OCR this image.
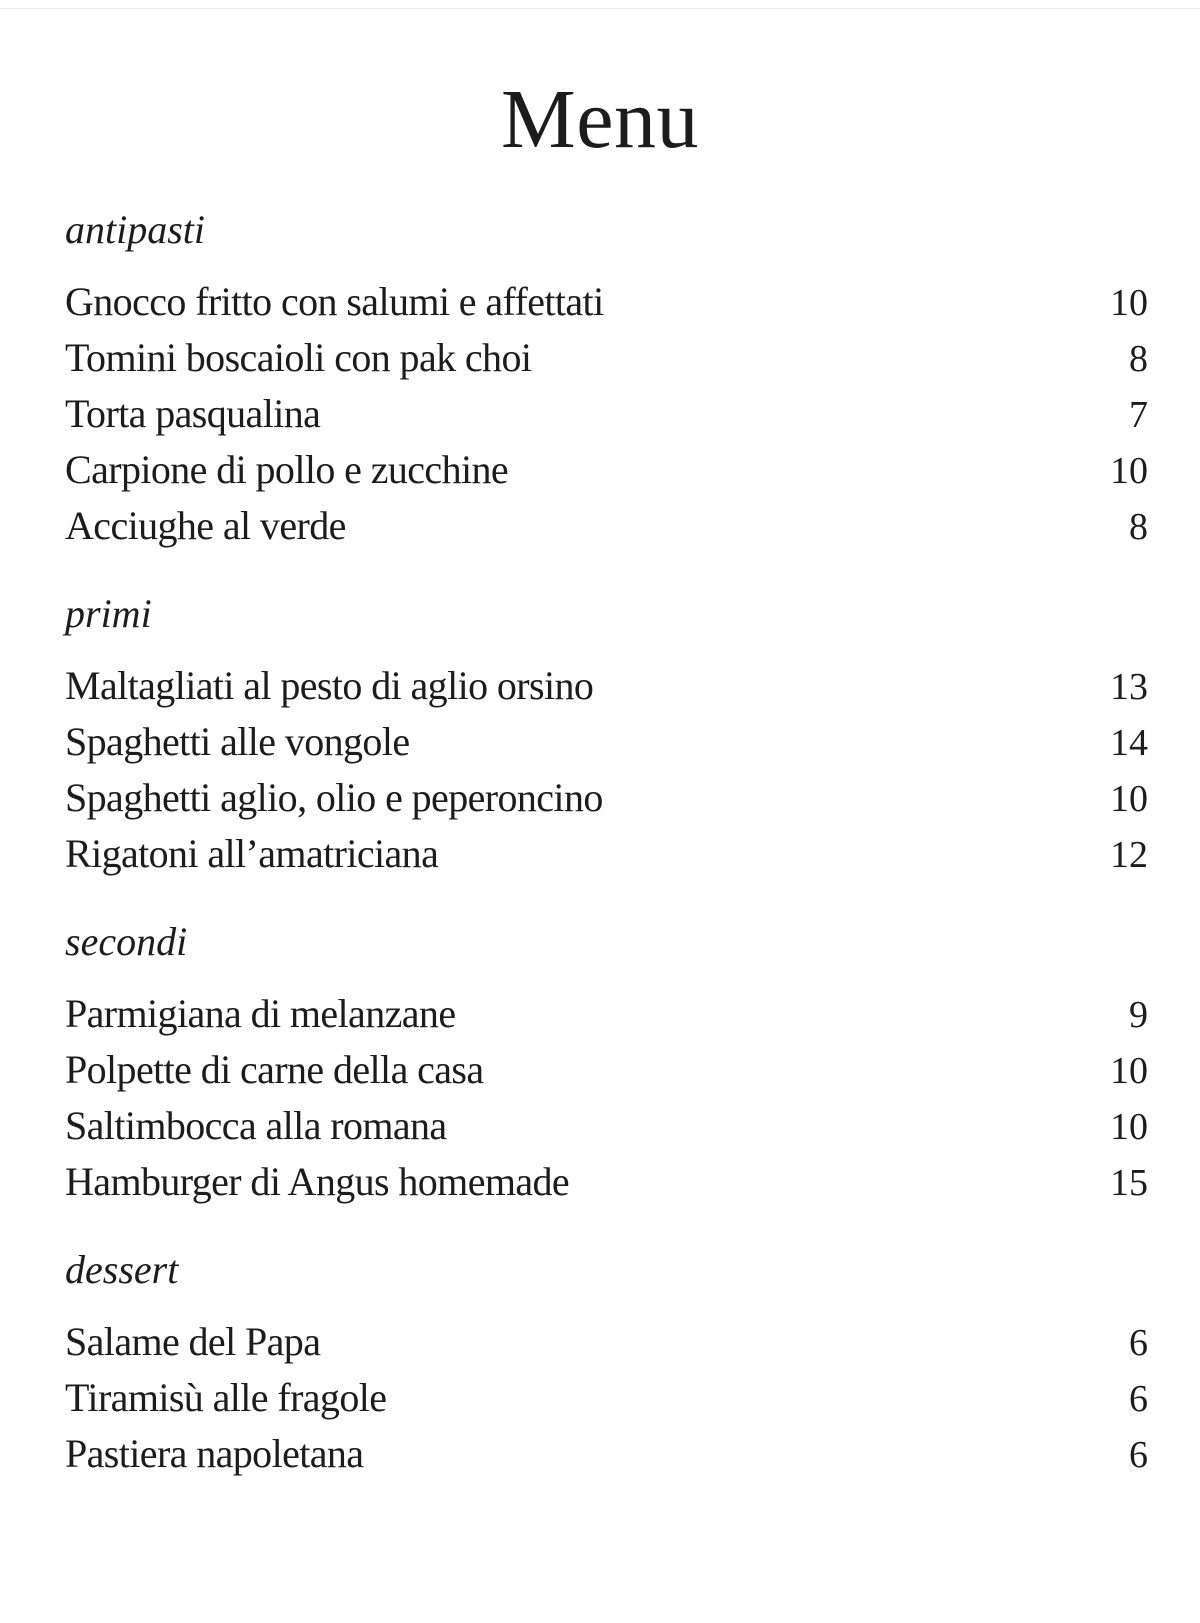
Menu
antipasti
Gnocco fritto con salumi e affettati	10
Tomini boscaioli con pak choi	8
Torta pasqualina	7
Carpione di pollo e zucchine	10
Acciughe al verde	8
primi
Maltagliati al pesto di aglio orsino	13
Spaghetti alle vongole	14
Spaghetti aglio, olio e peperoncino	10
Rigatoni all’amatriciana	12
secondi
Parmigiana di melanzane	9
Polpette di carne della casa	10
Saltimbocca alla romana	10
Hamburger di Angus homemade	15
dessert
Salame del Papa	6
Tiramisù alle fragole	6
Pastiera napoletana	6
